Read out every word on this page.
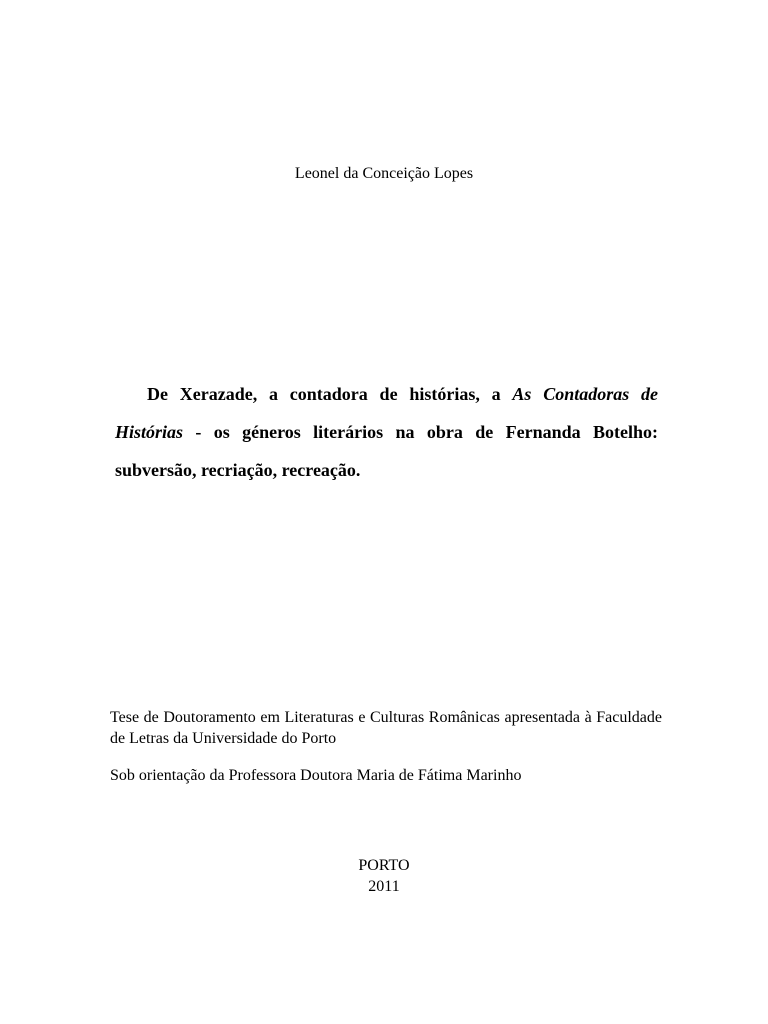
Leonel da Conceição Lopes
De Xerazade, a contadora de histórias, a As Contadoras de Histórias - os géneros literários na obra de Fernanda Botelho: subversão, recriação, recreação.
Tese de Doutoramento em Literaturas e Culturas Românicas apresentada à Faculdade de Letras da Universidade do Porto
Sob orientação da Professora Doutora Maria de Fátima Marinho
PORTO
2011
